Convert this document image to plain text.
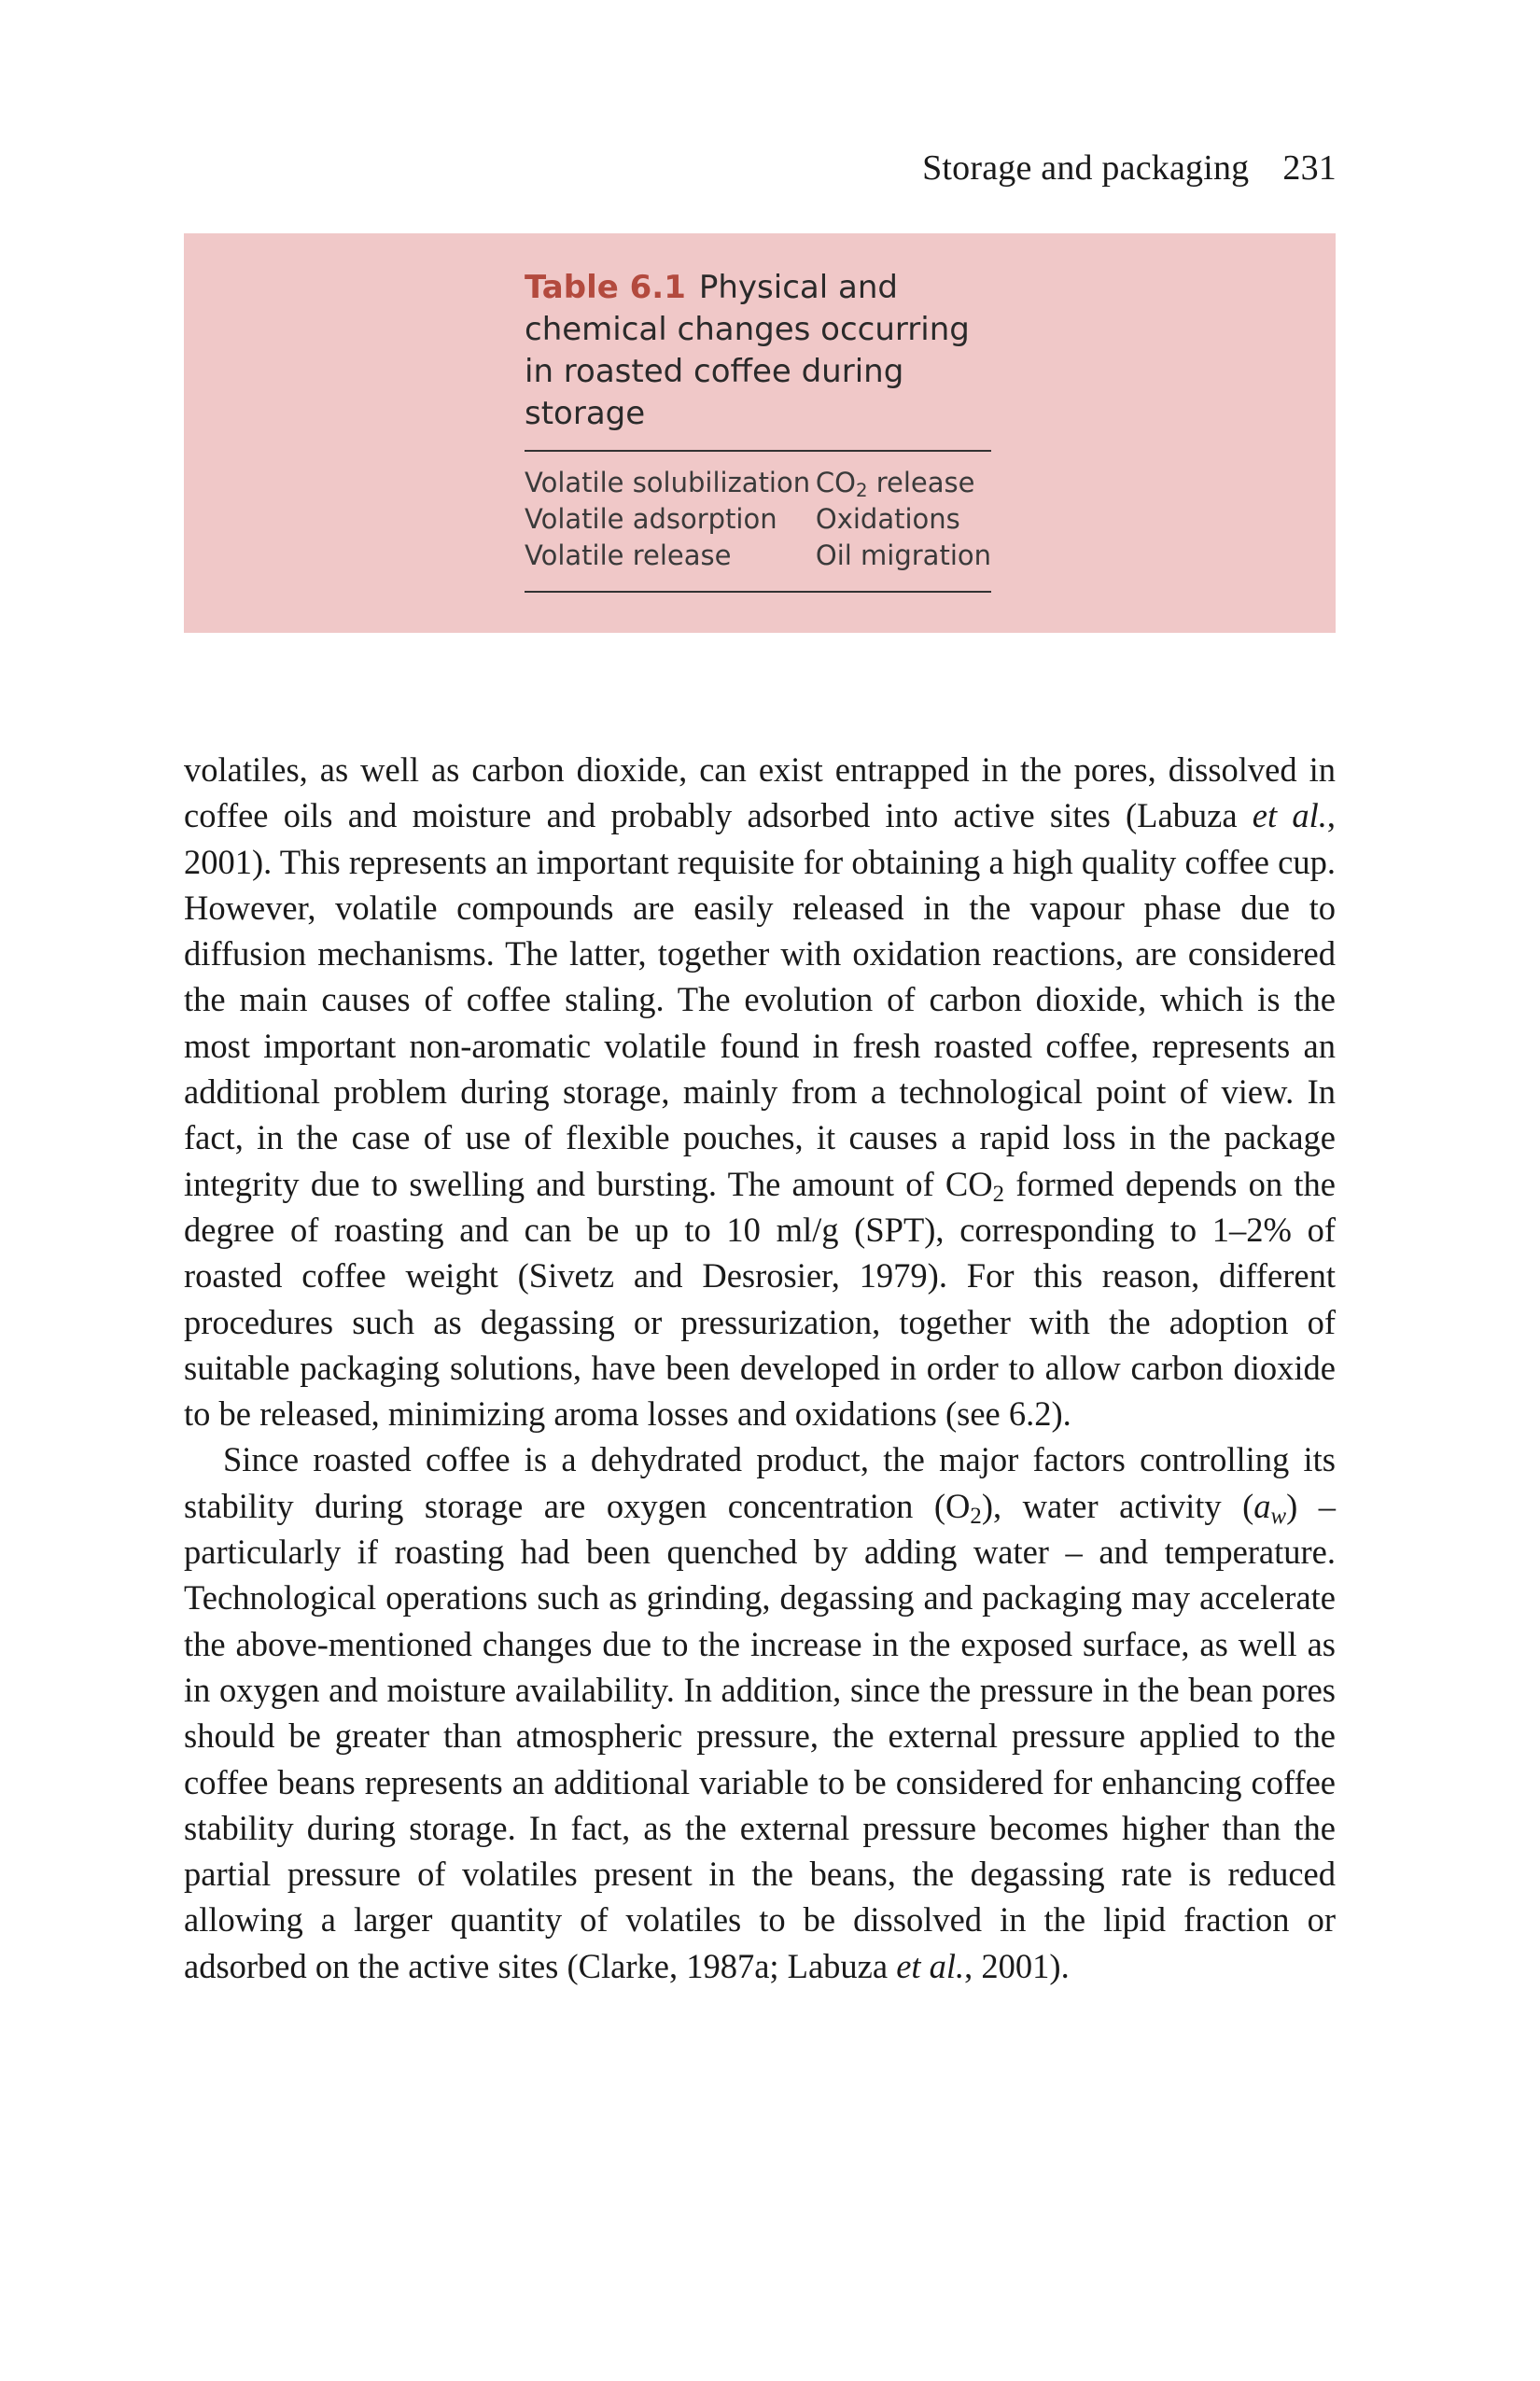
Storage and packaging 231
Table 6.1 Physical and chemical changes occurring in roasted coffee during storage
Volatile solubilization	$CO_2$ release
Volatile adsorption	Oxidations
Volatile release	Oil migration

volatiles, as well as carbon dioxide, can exist entrapped in the pores, dissolved in coffee oils and moisture and probably adsorbed into active sites (Labuza et al., 2001). This represents an important requisite for obtaining a high quality coffee cup. However, volatile compounds are easily released in the vapour phase due to diffusion mechanisms. The latter, together with oxidation reactions, are considered the main causes of coffee staling. The evolution of carbon dioxide, which is the most important non-aromatic volatile found in fresh roasted coffee, represents an additional problem during storage, mainly from a technological point of view. In fact, in the case of use of flexible pouches, it causes a rapid loss in the package integrity due to swelling and bursting. The amount of $CO_2$ formed depends on the degree of roasting and can be up to 10 ml/g (SPT), corresponding to 1–2% of roasted coffee weight (Sivetz and Desrosier, 1979). For this reason, different procedures such as degassing or pressurization, together with the adoption of suitable packaging solutions, have been developed in order to allow carbon dioxide to be released, minimizing aroma losses and oxidations (see 6.2).

Since roasted coffee is a dehydrated product, the major factors controlling its stability during storage are oxygen concentration $(O_2)$, water activity $(a_w)$ – particularly if roasting had been quenched by adding water – and temperature. Technological operations such as grinding, degassing and packaging may accelerate the above-mentioned changes due to the increase in the exposed surface, as well as in oxygen and moisture availability. In addition, since the pressure in the bean pores should be greater than atmospheric pressure, the external pressure applied to the coffee beans represents an additional variable to be considered for enhancing coffee stability during storage. In fact, as the external pressure becomes higher than the partial pressure of volatiles present in the beans, the degassing rate is reduced allowing a larger quantity of volatiles to be dissolved in the lipid fraction or adsorbed on the active sites (Clarke, 1987a; Labuza et al., 2001).
